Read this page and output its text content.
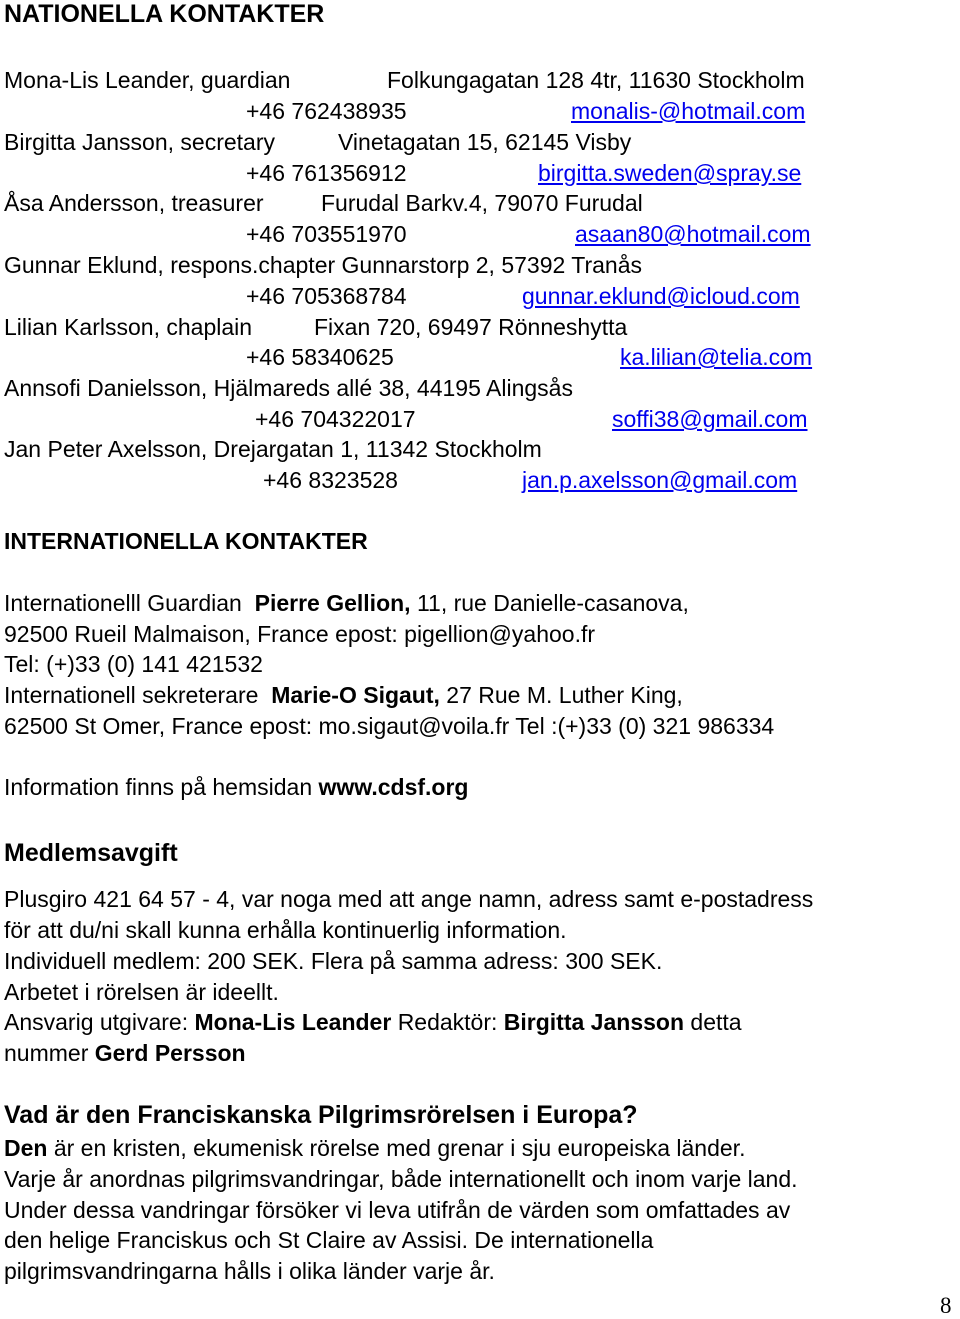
NATIONELLA KONTAKTER
Mona-Lis Leander, guardian	Folkungagatan 128 4tr, 11630 Stockholm
+46 762438935	monalis-@hotmail.com
Birgitta Jansson, secretary	Vinetagatan 15, 62145 Visby
+46 761356912	birgitta.sweden@spray.se
Åsa Andersson, treasurer Furudal Barkv.4, 79070 Furudal
+46 703551970	asaan80@hotmail.com
Gunnar Eklund, respons.chapter Gunnarstorp 2, 57392 Tranås
+46 705368784	gunnar.eklund@icloud.com
Lilian Karlsson, chaplain	Fixan 720, 69497 Rönneshytta
+46 58340625	ka.lilian@telia.com
Annsofi Danielsson, Hjälmareds allé 38, 44195 Alingsås
+46 704322017	soffi38@gmail.com
Jan Peter Axelsson, Drejargatan 1, 11342 Stockholm
+46 8323528	jan.p.axelsson@gmail.com
INTERNATIONELLA KONTAKTER
Internationelll Guardian Pierre Gellion, 11, rue Danielle-casanova,
92500 Rueil Malmaison, France epost: pigellion@yahoo.fr
Tel: (+)33 (0) 141 421532
Internationell sekreterare Marie-O Sigaut, 27 Rue M. Luther King,
62500 St Omer, France epost: mo.sigaut@voila.fr Tel :(+)33 (0) 321 986334
Information finns på hemsidan www.cdsf.org
Medlemsavgift
Plusgiro 421 64 57 - 4, var noga med att ange namn, adress samt e-postadress
för att du/ni skall kunna erhålla kontinuerlig information.
Individuell medlem: 200 SEK. Flera på samma adress: 300 SEK.
Arbetet i rörelsen är ideellt.
Ansvarig utgivare: Mona-Lis Leander Redaktör: Birgitta Jansson detta
nummer Gerd Persson
Vad är den Franciskanska Pilgrimsrörelsen i Europa?
Den är en kristen, ekumenisk rörelse med grenar i sju europeiska länder.
Varje år anordnas pilgrimsvandringar, både internationellt och inom varje land.
Under dessa vandringar försöker vi leva utifrån de värden som omfattades av
den helige Franciskus och St Claire av Assisi. De internationella
pilgrimsvandringarna hålls i olika länder varje år.
8
